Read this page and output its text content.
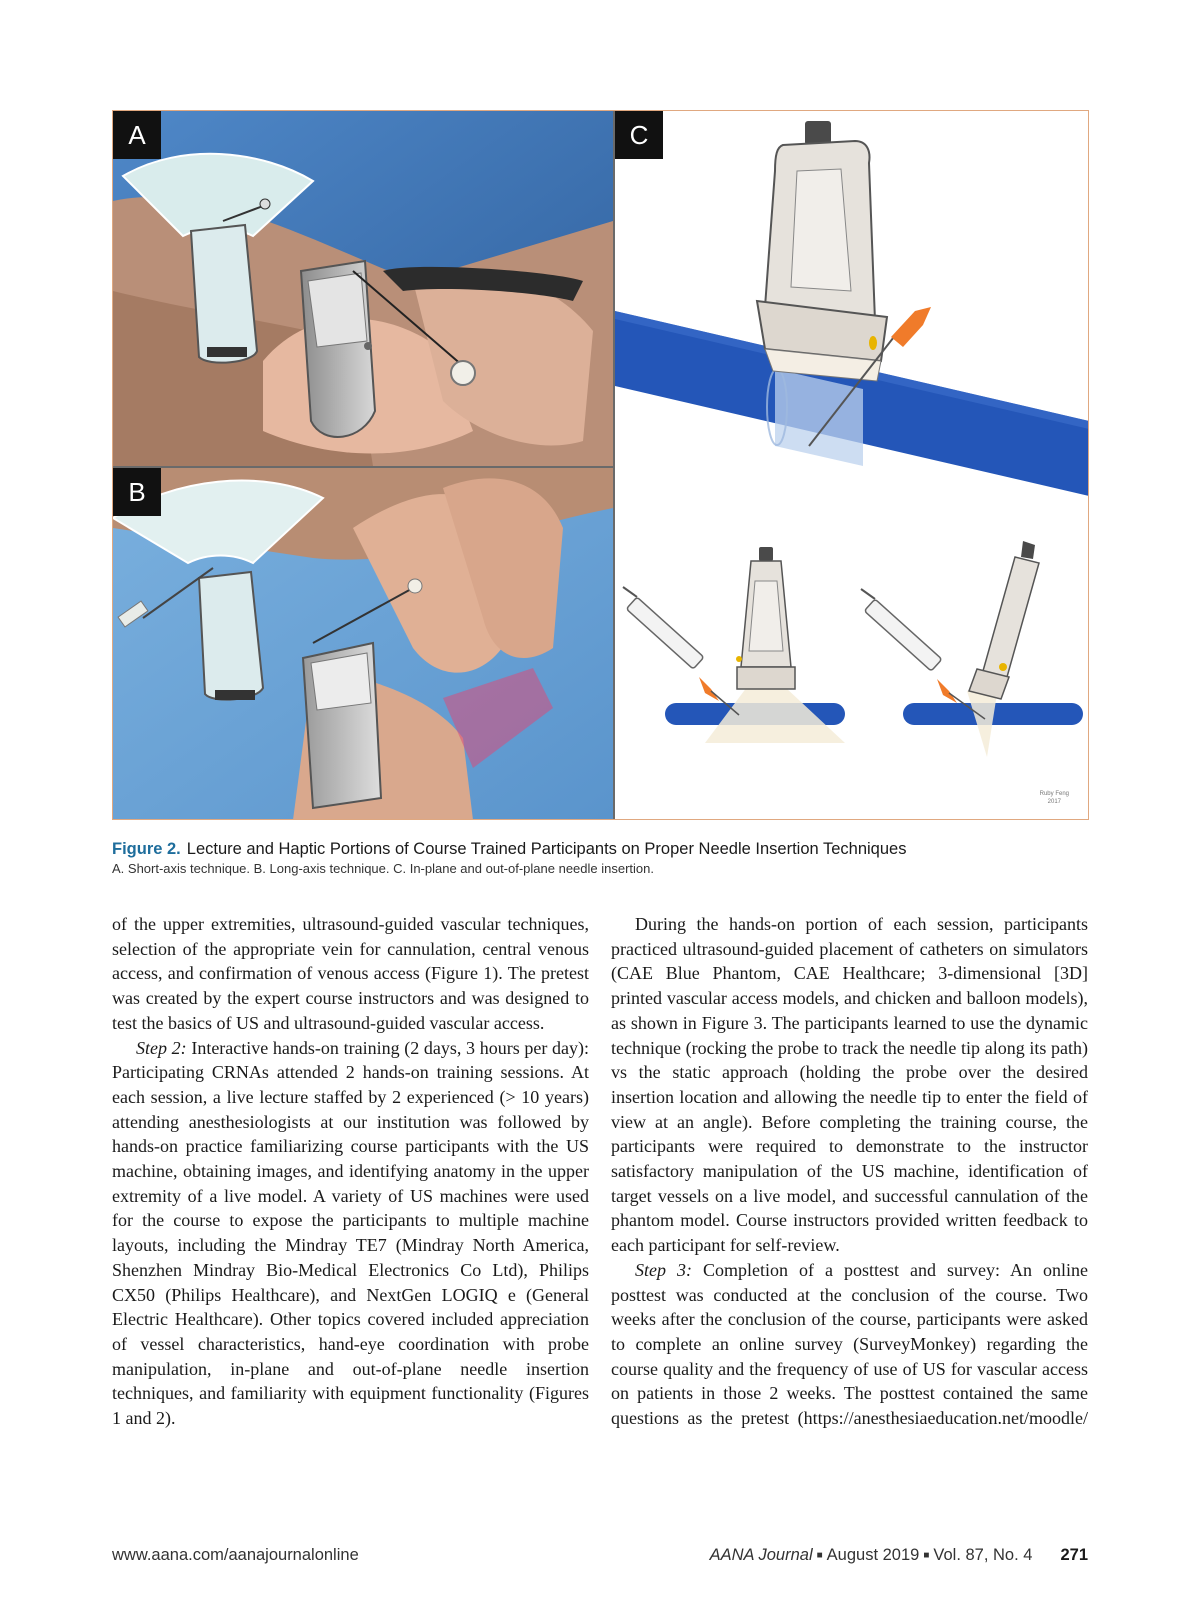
A
B
C
Ruby Feng
2017
Figure 2. Lecture and Haptic Portions of Course Trained Participants on Proper Needle Insertion Techniques
A. Short-axis technique. B. Long-axis technique. C. In-plane and out-of-plane needle insertion.

of the upper extremities, ultrasound-guided vascular techniques, selection of the appropriate vein for cannulation, central venous access, and confirmation of venous access (Figure 1). The pretest was created by the expert course instructors and was designed to test the basics of US and ultrasound-guided vascular access.

Step 2: Interactive hands-on training (2 days, 3 hours per day): Participating CRNAs attended 2 hands-on training sessions. At each session, a live lecture staffed by 2 experienced (> 10 years) attending anesthesiologists at our institution was followed by hands-on practice familiarizing course participants with the US machine, obtaining images, and identifying anatomy in the upper extremity of a live model. A variety of US machines were used for the course to expose the participants to multiple machine layouts, including the Mindray TE7 (Mindray North America, Shenzhen Mindray Bio-Medical Electronics Co Ltd), Philips CX50 (Philips Healthcare), and NextGen LOGIQ e (General Electric Healthcare). Other topics covered included appreciation of vessel characteristics, hand-eye coordination with probe manipulation, in-plane and out-of-plane needle insertion techniques, and familiarity with equipment functionality (Figures 1 and 2).

During the hands-on portion of each session, participants practiced ultrasound-guided placement of catheters on simulators (CAE Blue Phantom, CAE Healthcare; 3-dimensional [3D] printed vascular access models, and chicken and balloon models), as shown in Figure 3. The participants learned to use the dynamic technique (rocking the probe to track the needle tip along its path) vs the static approach (holding the probe over the desired insertion location and allowing the needle tip to enter the field of view at an angle). Before completing the training course, the participants were required to demonstrate to the instructor satisfactory manipulation of the US machine, identification of target vessels on a live model, and successful cannulation of the phantom model. Course instructors provided written feedback to each participant for self-review.

Step 3: Completion of a posttest and survey: An online posttest was conducted at the conclusion of the course. Two weeks after the conclusion of the course, participants were asked to complete an online survey (SurveyMonkey) regarding the course quality and the frequency of use of US for vascular access on patients in those 2 weeks. The posttest contained the same questions as the pretest (https://anesthesiaeducation.net/moodle/

www.aana.com/aanajournalonline	AANA Journal ■ August 2019 ■ Vol. 87, No. 4 271
